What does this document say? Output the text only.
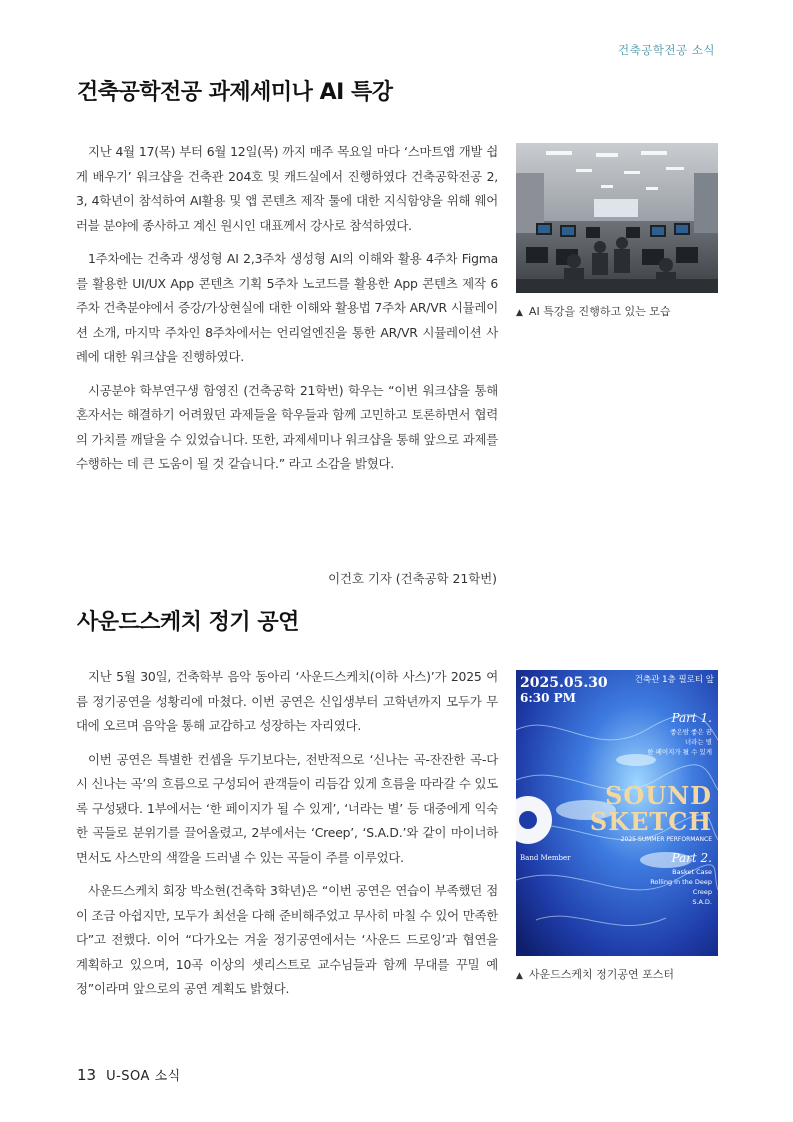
건축공학전공 소식
건축공학전공 과제세미나 AI 특강

지난 4월 17(목) 부터 6월 12일(목) 까지 매주 목요일 마다 ‘스마트앱 개발 쉽게 배우기’ 워크샵을 건축관 204호 및 캐드실에서 진행하였다 건축공학전공 2, 3, 4학년이 참석하여 AI활용 및 앱 콘텐츠 제작 툴에 대한 지식함양을 위해 웨어러블 분야에 종사하고 계신 원시인 대표께서 강사로 참석하였다.

1주차에는 건축과 생성형 AI 2,3주차 생성형 AI의 이해와 활용 4주차 Figma를 활용한 UI/UX App 콘텐츠 기획 5주차 노코드를 활용한 App 콘텐츠 제작 6주차 건축분야에서 증강/가상현실에 대한 이해와 활용법 7주차 AR/VR 시뮬레이션 소개, 마지막 주차인 8주차에서는 언리얼엔진을 통한 AR/VR 시뮬레이션 사례에 대한 워크샵을 진행하였다.

시공분야 학부연구생 함영진 (건축공학 21학번) 학우는 “이번 워크샵을 통해 혼자서는 해결하기 어려웠던 과제들을 학우들과 함께 고민하고 토론하면서 협력의 가치를 깨달을 수 있었습니다. 또한, 과제세미나 워크샵을 통해 앞으로 과제를 수행하는 데 큰 도움이 될 것 같습니다.” 라고 소감을 밝혔다.

이건호 기자 (건축공학 21학번)
▲ AI 특강을 진행하고 있는 모습
사운드스케치 정기 공연

지난 5월 30일, 건축학부 음악 동아리 ‘사운드스케치(이하 사스)’가 2025 여름 정기공연을 성황리에 마쳤다. 이번 공연은 신입생부터 고학년까지 모두가 무대에 오르며 음악을 통해 교감하고 성장하는 자리였다.

이번 공연은 특별한 컨셉을 두기보다는, 전반적으로 ‘신나는 곡-잔잔한 곡-다시 신나는 곡’의 흐름으로 구성되어 관객들이 리듬감 있게 흐름을 따라갈 수 있도록 구성됐다. 1부에서는 ‘한 페이지가 될 수 있게’, ‘너라는 별’ 등 대중에게 익숙한 곡들로 분위기를 끌어올렸고, 2부에서는 ‘Creep’, ‘S.A.D.’와 같이 마이너하면서도 사스만의 색깔을 드러낼 수 있는 곡들이 주를 이루었다.

사운드스케치 회장 박소현(건축학 3학년)은 “이번 공연은 연습이 부족했던 점이 조금 아쉽지만, 모두가 최선을 다해 준비해주었고 무사히 마칠 수 있어 만족한다”고 전했다. 이어 “다가오는 겨울 정기공연에서는 ‘사운드 드로잉’과 협연을 계획하고 있으며, 10곡 이상의 셋리스트로 교수님들과 함께 무대를 꾸밀 예정”이라며 앞으로의 공연 계획도 밝혔다.

2025.05.30
6:30 PM
건축관 1층 필로티 앞
Part 1.
좋은밤 좋은 꿈
너라는 별
한 페이지가 될 수 있게
SOUND
SKETCH
2025 SUMMER PERFORMANCE
Part 2.
Basket Case
Rolling in the Deep
Creep
S.A.D.
Band Member
▲ 사운드스케치 정기공연 포스터
13 U-SOA 소식
